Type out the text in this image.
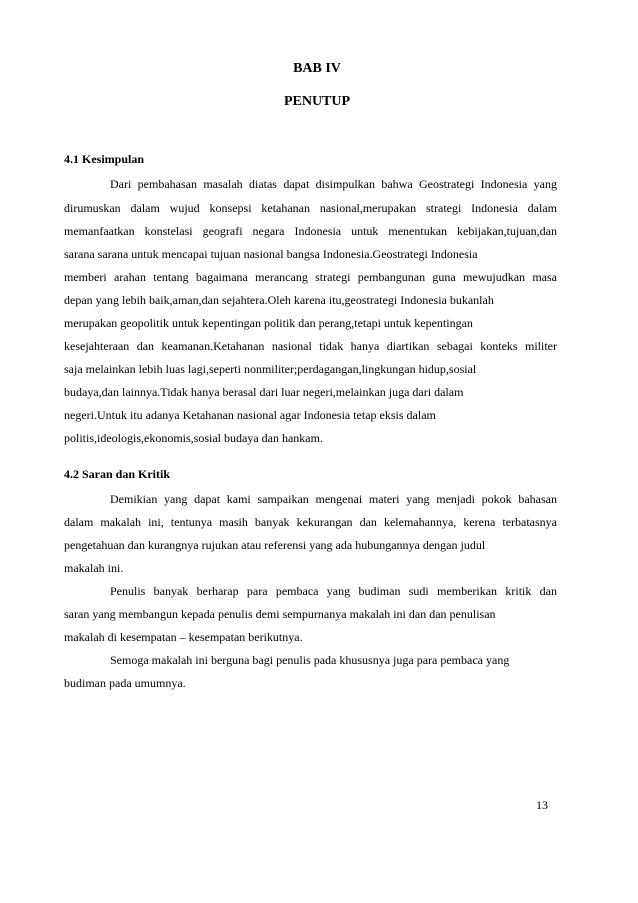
BAB IV
PENUTUP
4.1 Kesimpulan
Dari pembahasan masalah diatas dapat disimpulkan bahwa Geostrategi Indonesia yang
dirumuskan dalam wujud konsepsi ketahanan nasional,merupakan strategi Indonesia dalam
memanfaatkan konstelasi geografi negara Indonesia untuk menentukan kebijakan,tujuan,dan
sarana sarana untuk mencapai tujuan nasional bangsa Indonesia.Geostrategi Indonesia
memberi arahan tentang bagaimana merancang strategi pembangunan guna mewujudkan masa
depan yang lebih baik,aman,dan sejahtera.Oleh karena itu,geostrategi Indonesia bukanlah
merupakan geopolitik untuk kepentingan politik dan perang,tetapi untuk kepentingan
kesejahteraan dan keamanan.Ketahanan nasional tidak hanya diartikan sebagai konteks militer
saja melainkan lebih luas lagi,seperti nonmiliter;perdagangan,lingkungan hidup,sosial
budaya,dan lainnya.Tidak hanya berasal dari luar negeri,melainkan juga dari dalam
negeri.Untuk itu adanya Ketahanan nasional agar Indonesia tetap eksis dalam
politis,ideologis,ekonomis,sosial budaya dan hankam.
4.2 Saran dan Kritik
Demikian yang dapat kami sampaikan mengenai materi yang menjadi pokok bahasan
dalam makalah ini, tentunya masih banyak kekurangan dan kelemahannya, kerena terbatasnya
pengetahuan dan kurangnya rujukan atau referensi yang ada hubungannya dengan judul
makalah ini.
Penulis banyak berharap para pembaca yang budiman sudi memberikan kritik dan
saran yang membangun kepada penulis demi sempurnanya makalah ini dan dan penulisan
makalah di kesempatan – kesempatan berikutnya.
Semoga makalah ini berguna bagi penulis pada khususnya juga para pembaca yang
budiman pada umumnya.
13
